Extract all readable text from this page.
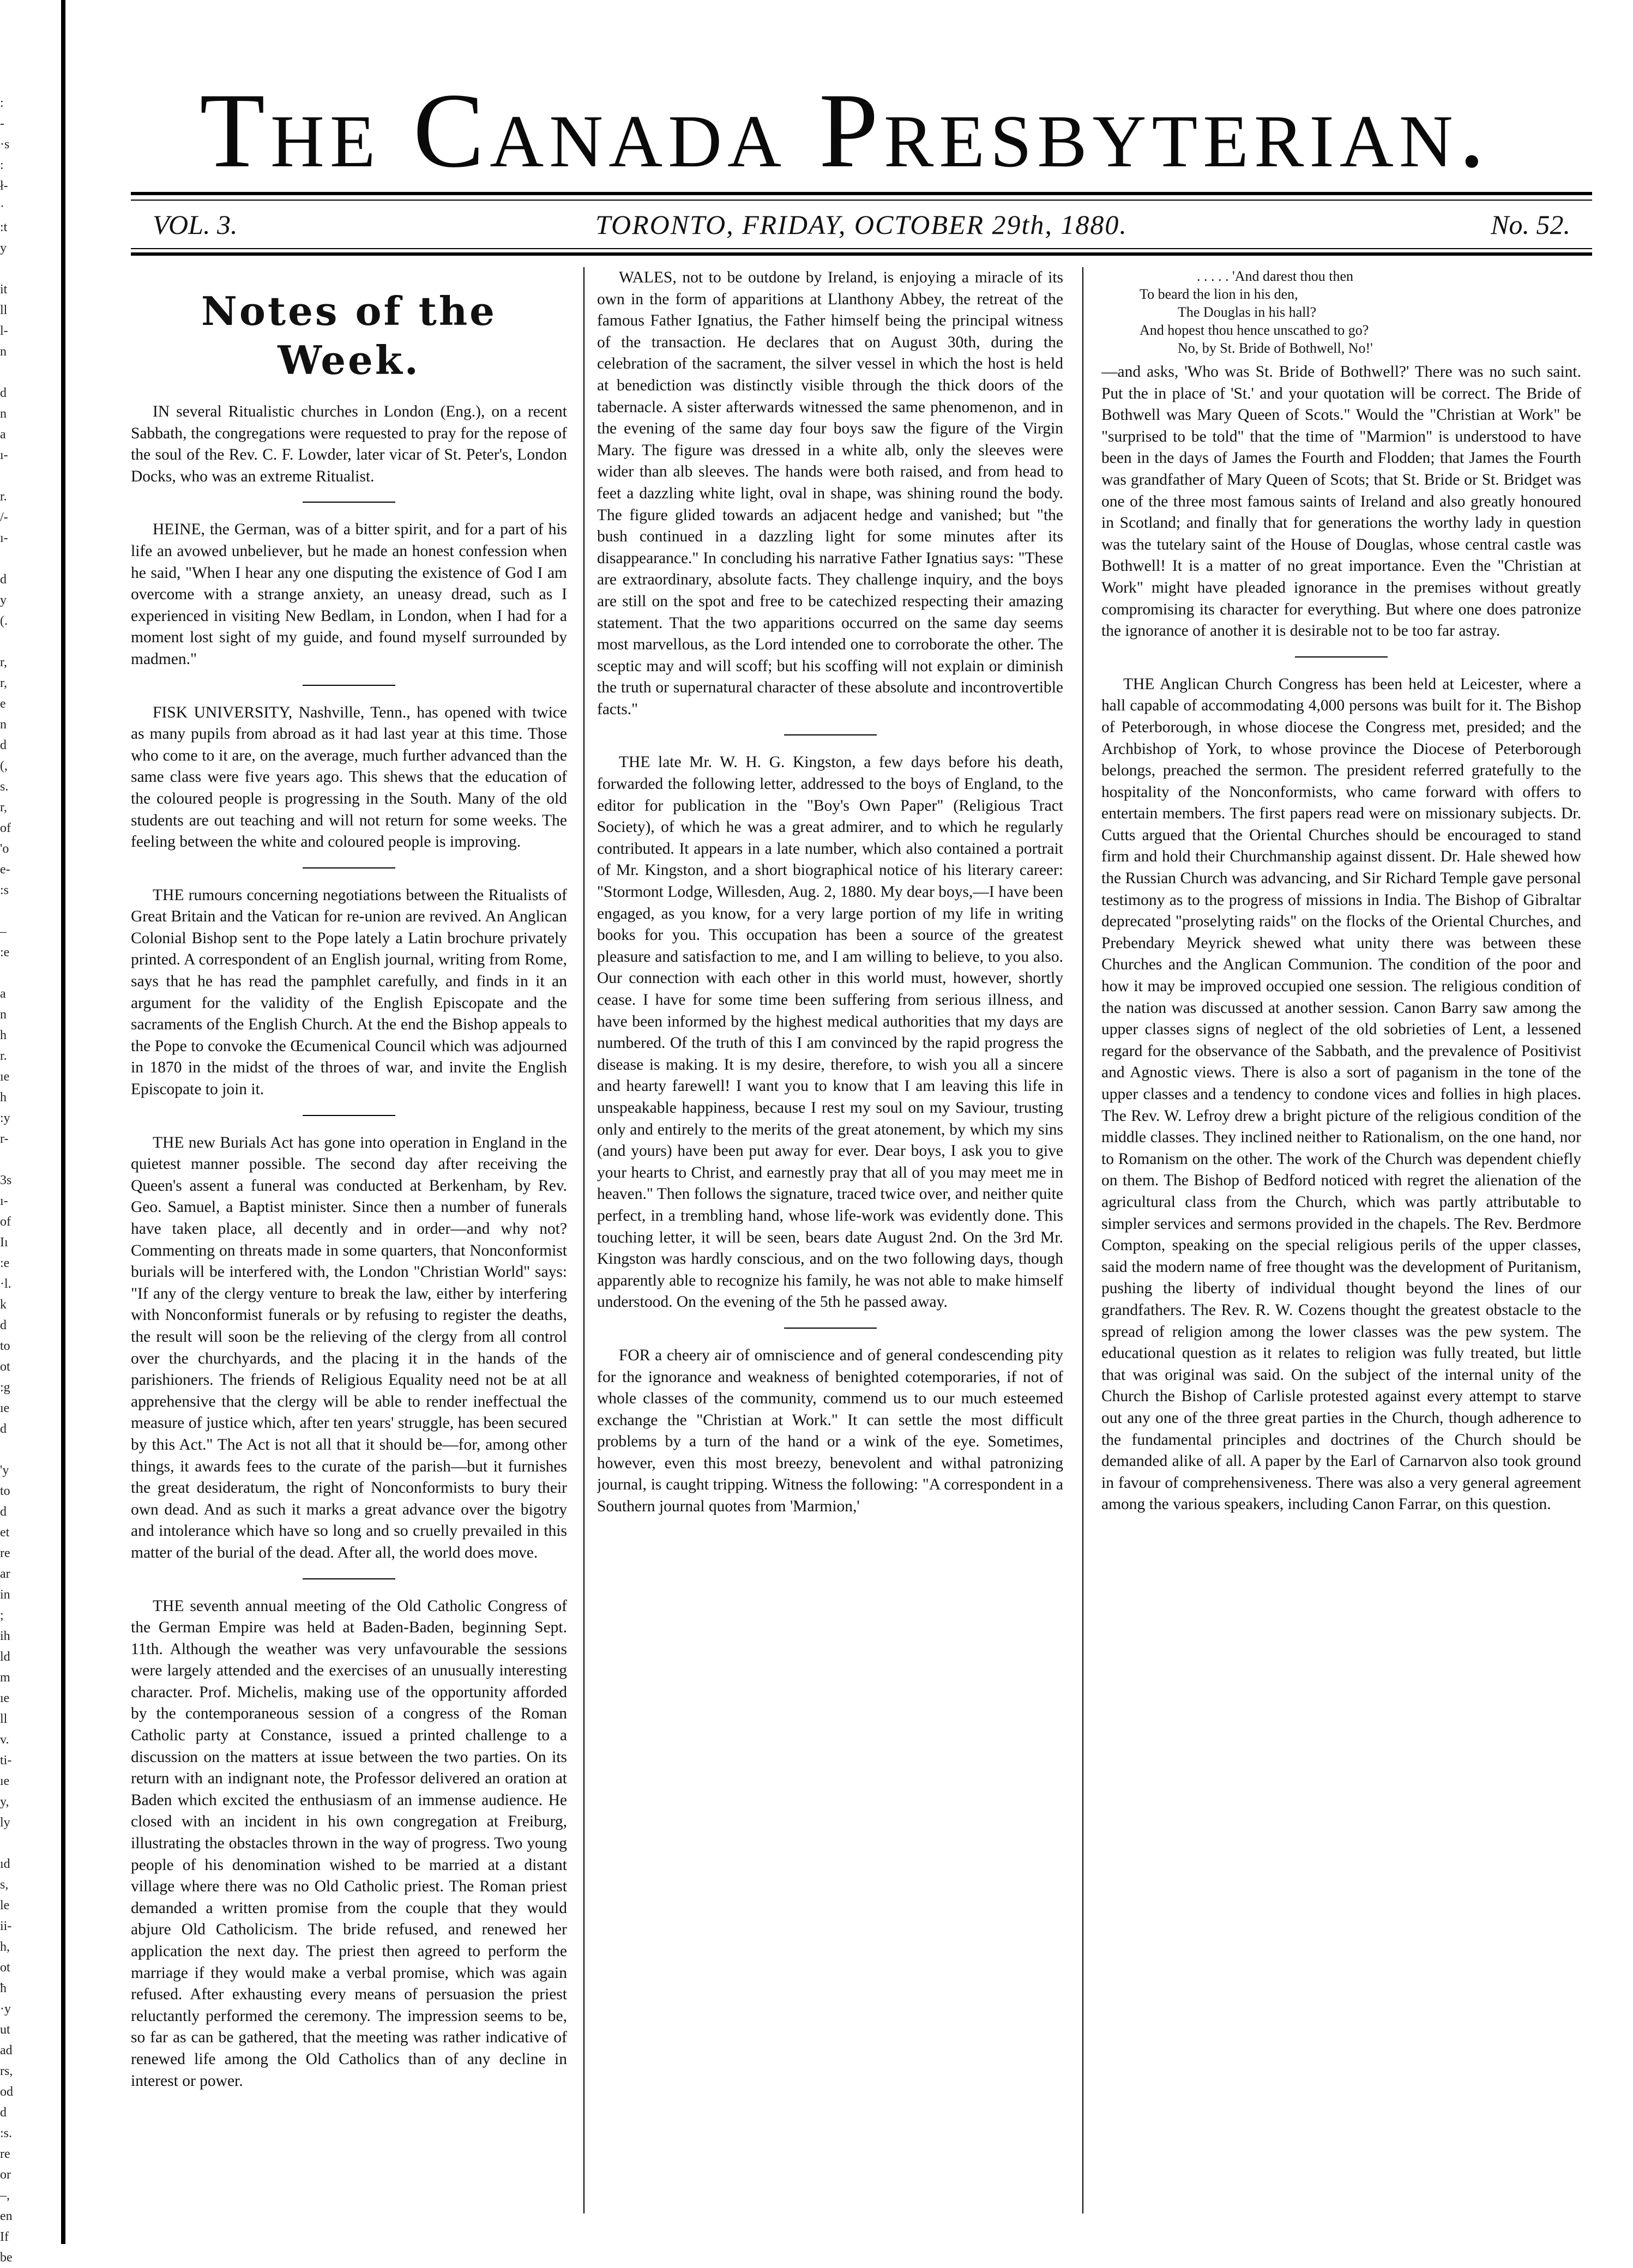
:
-
·s
:
ł-
·
:t
y
it
ll
l-
n
d
n
a
ı-
r.
/-
ı-
d
y
(.
r,
r,
e
n
d
(,
s.
r,
of
'o
e-
:s
–
:e
a
n
h
r.
ıe
h
:y
r-
3s
ı-
of
Iı
:e
·l.
k
d
to
ot
:g
ıe
d
'y
to
d
et
re
ar
in
;
ih
ld
m
ıe
ll
v.
ti-
ıe
y,
ly
ıd
s,
le
ii-
h,
ot
ħ
·y
ut
ad
rs,
od
d
:s.
re
or
–,
en
If
be
The Canada Presbyterian.
TORONTO, FRIDAY, OCTOBER 29th, 1880.
VOL. 3.	No. 52.
Notes of the Week.

IN several Ritualistic churches in London (Eng.), on a recent Sabbath, the congregations were requested to pray for the repose of the soul of the Rev. C. F. Lowder, later vicar of St. Peter's, London Docks, who was an extreme Ritualist.

HEINE, the German, was of a bitter spirit, and for a part of his life an avowed unbeliever, but he made an honest confession when he said, "When I hear any one disputing the existence of God I am overcome with a strange anxiety, an uneasy dread, such as I experienced in visiting New Bedlam, in London, when I had for a moment lost sight of my guide, and found myself surrounded by madmen."

FISK UNIVERSITY, Nashville, Tenn., has opened with twice as many pupils from abroad as it had last year at this time. Those who come to it are, on the average, much further advanced than the same class were five years ago. This shews that the education of the coloured people is progressing in the South. Many of the old students are out teaching and will not return for some weeks. The feeling between the white and coloured people is improving.

THE rumours concerning negotiations between the Ritualists of Great Britain and the Vatican for re-union are revived. An Anglican Colonial Bishop sent to the Pope lately a Latin brochure privately printed. A correspondent of an English journal, writing from Rome, says that he has read the pamphlet carefully, and finds in it an argument for the validity of the English Episcopate and the sacraments of the English Church. At the end the Bishop appeals to the Pope to convoke the Œcumenical Council which was adjourned in 1870 in the midst of the throes of war, and invite the English Episcopate to join it.

THE new Burials Act has gone into operation in England in the quietest manner possible. The second day after receiving the Queen's assent a funeral was conducted at Berkenham, by Rev. Geo. Samuel, a Baptist minister. Since then a number of funerals have taken place, all decently and in order—and why not? Commenting on threats made in some quarters, that Nonconformist burials will be interfered with, the London "Christian World" says: "If any of the clergy venture to break the law, either by interfering with Nonconformist funerals or by refusing to register the deaths, the result will soon be the relieving of the clergy from all control over the churchyards, and the placing it in the hands of the parishioners. The friends of Religious Equality need not be at all apprehensive that the clergy will be able to render ineffectual the measure of justice which, after ten years' struggle, has been secured by this Act." The Act is not all that it should be—for, among other things, it awards fees to the curate of the parish—but it furnishes the great desideratum, the right of Nonconformists to bury their own dead. And as such it marks a great advance over the bigotry and intolerance which have so long and so cruelly prevailed in this matter of the burial of the dead. After all, the world does move.

THE seventh annual meeting of the Old Catholic Congress of the German Empire was held at Baden-Baden, beginning Sept. 11th. Although the weather was very unfavourable the sessions were largely attended and the exercises of an unusually interesting character. Prof. Michelis, making use of the opportunity afforded by the contemporaneous session of a congress of the Roman Catholic party at Constance, issued a printed challenge to a discussion on the matters at issue between the two parties. On its return with an indignant note, the Professor delivered an oration at Baden which excited the enthusiasm of an immense audience. He closed with an incident in his own congregation at Freiburg, illustrating the obstacles thrown in the way of progress. Two young people of his denomination wished to be married at a distant village where there was no Old Catholic priest. The Roman priest demanded a written promise from the couple that they would abjure Old Catholicism. The bride refused, and renewed her application the next day. The priest then agreed to perform the marriage if they would make a verbal promise, which was again refused. After exhausting every means of persuasion the priest reluctantly performed the ceremony. The impression seems to be, so far as can be gathered, that the meeting was rather indicative of renewed life among the Old Catholics than of any decline in interest or power.

WALES, not to be outdone by Ireland, is enjoying a miracle of its own in the form of apparitions at Llanthony Abbey, the retreat of the famous Father Ignatius, the Father himself being the principal witness of the transaction. He declares that on August 30th, during the celebration of the sacrament, the silver vessel in which the host is held at benediction was distinctly visible through the thick doors of the tabernacle. A sister afterwards witnessed the same phenomenon, and in the evening of the same day four boys saw the figure of the Virgin Mary. The figure was dressed in a white alb, only the sleeves were wider than alb sleeves. The hands were both raised, and from head to feet a dazzling white light, oval in shape, was shining round the body. The figure glided towards an adjacent hedge and vanished; but "the bush continued in a dazzling light for some minutes after its disappearance." In concluding his narrative Father Ignatius says: "These are extraordinary, absolute facts. They challenge inquiry, and the boys are still on the spot and free to be catechized respecting their amazing statement. That the two apparitions occurred on the same day seems most marvellous, as the Lord intended one to corroborate the other. The sceptic may and will scoff; but his scoffing will not explain or diminish the truth or supernatural character of these absolute and incontrovertible facts."

THE late Mr. W. H. G. Kingston, a few days before his death, forwarded the following letter, addressed to the boys of England, to the editor for publication in the "Boy's Own Paper" (Religious Tract Society), of which he was a great admirer, and to which he regularly contributed. It appears in a late number, which also contained a portrait of Mr. Kingston, and a short biographical notice of his literary career: "Stormont Lodge, Willesden, Aug. 2, 1880. My dear boys,—I have been engaged, as you know, for a very large portion of my life in writing books for you. This occupation has been a source of the greatest pleasure and satisfaction to me, and I am willing to believe, to you also. Our connection with each other in this world must, however, shortly cease. I have for some time been suffering from serious illness, and have been informed by the highest medical authorities that my days are numbered. Of the truth of this I am convinced by the rapid progress the disease is making. It is my desire, therefore, to wish you all a sincere and hearty farewell! I want you to know that I am leaving this life in unspeakable happiness, because I rest my soul on my Saviour, trusting only and entirely to the merits of the great atonement, by which my sins (and yours) have been put away for ever. Dear boys, I ask you to give your hearts to Christ, and earnestly pray that all of you may meet me in heaven." Then follows the signature, traced twice over, and neither quite perfect, in a trembling hand, whose life-work was evidently done. This touching letter, it will be seen, bears date August 2nd. On the 3rd Mr. Kingston was hardly conscious, and on the two following days, though apparently able to recognize his family, he was not able to make himself understood. On the evening of the 5th he passed away.

FOR a cheery air of omniscience and of general condescending pity for the ignorance and weakness of benighted cotemporaries, if not of whole classes of the community, commend us to our much esteemed exchange the "Christian at Work." It can settle the most difficult problems by a turn of the hand or a wink of the eye. Sometimes, however, even this most breezy, benevolent and withal patronizing journal, is caught tripping. Witness the following: "A correspondent in a Southern journal quotes from 'Marmion,'

. . . . . 'And darest thou then
To beard the lion in his den,
The Douglas in his hall?
And hopest thou hence unscathed to go?
No, by St. Bride of Bothwell, No!'

—and asks, 'Who was St. Bride of Bothwell?' There was no such saint. Put the in place of 'St.' and your quotation will be correct. The Bride of Bothwell was Mary Queen of Scots." Would the "Christian at Work" be "surprised to be told" that the time of "Marmion" is understood to have been in the days of James the Fourth and Flodden; that James the Fourth was grandfather of Mary Queen of Scots; that St. Bride or St. Bridget was one of the three most famous saints of Ireland and also greatly honoured in Scotland; and finally that for generations the worthy lady in question was the tutelary saint of the House of Douglas, whose central castle was Bothwell! It is a matter of no great importance. Even the "Christian at Work" might have pleaded ignorance in the premises without greatly compromising its character for everything. But where one does patronize the ignorance of another it is desirable not to be too far astray.

THE Anglican Church Congress has been held at Leicester, where a hall capable of accommodating 4,000 persons was built for it. The Bishop of Peterborough, in whose diocese the Congress met, presided; and the Archbishop of York, to whose province the Diocese of Peterborough belongs, preached the sermon. The president referred gratefully to the hospitality of the Nonconformists, who came forward with offers to entertain members. The first papers read were on missionary subjects. Dr. Cutts argued that the Oriental Churches should be encouraged to stand firm and hold their Churchmanship against dissent. Dr. Hale shewed how the Russian Church was advancing, and Sir Richard Temple gave personal testimony as to the progress of missions in India. The Bishop of Gibraltar deprecated "proselyting raids" on the flocks of the Oriental Churches, and Prebendary Meyrick shewed what unity there was between these Churches and the Anglican Communion. The condition of the poor and how it may be improved occupied one session. The religious condition of the nation was discussed at another session. Canon Barry saw among the upper classes signs of neglect of the old sobrieties of Lent, a lessened regard for the observance of the Sabbath, and the prevalence of Positivist and Agnostic views. There is also a sort of paganism in the tone of the upper classes and a tendency to condone vices and follies in high places. The Rev. W. Lefroy drew a bright picture of the religious condition of the middle classes. They inclined neither to Rationalism, on the one hand, nor to Romanism on the other. The work of the Church was dependent chiefly on them. The Bishop of Bedford noticed with regret the alienation of the agricultural class from the Church, which was partly attributable to simpler services and sermons provided in the chapels. The Rev. Berdmore Compton, speaking on the special religious perils of the upper classes, said the modern name of free thought was the development of Puritanism, pushing the liberty of individual thought beyond the lines of our grandfathers. The Rev. R. W. Cozens thought the greatest obstacle to the spread of religion among the lower classes was the pew system. The educational question as it relates to religion was fully treated, but little that was original was said. On the subject of the internal unity of the Church the Bishop of Carlisle protested against every attempt to starve out any one of the three great parties in the Church, though adherence to the fundamental principles and doctrines of the Church should be demanded alike of all. A paper by the Earl of Carnarvon also took ground in favour of comprehensiveness. There was also a very general agreement among the various speakers, including Canon Farrar, on this question.
